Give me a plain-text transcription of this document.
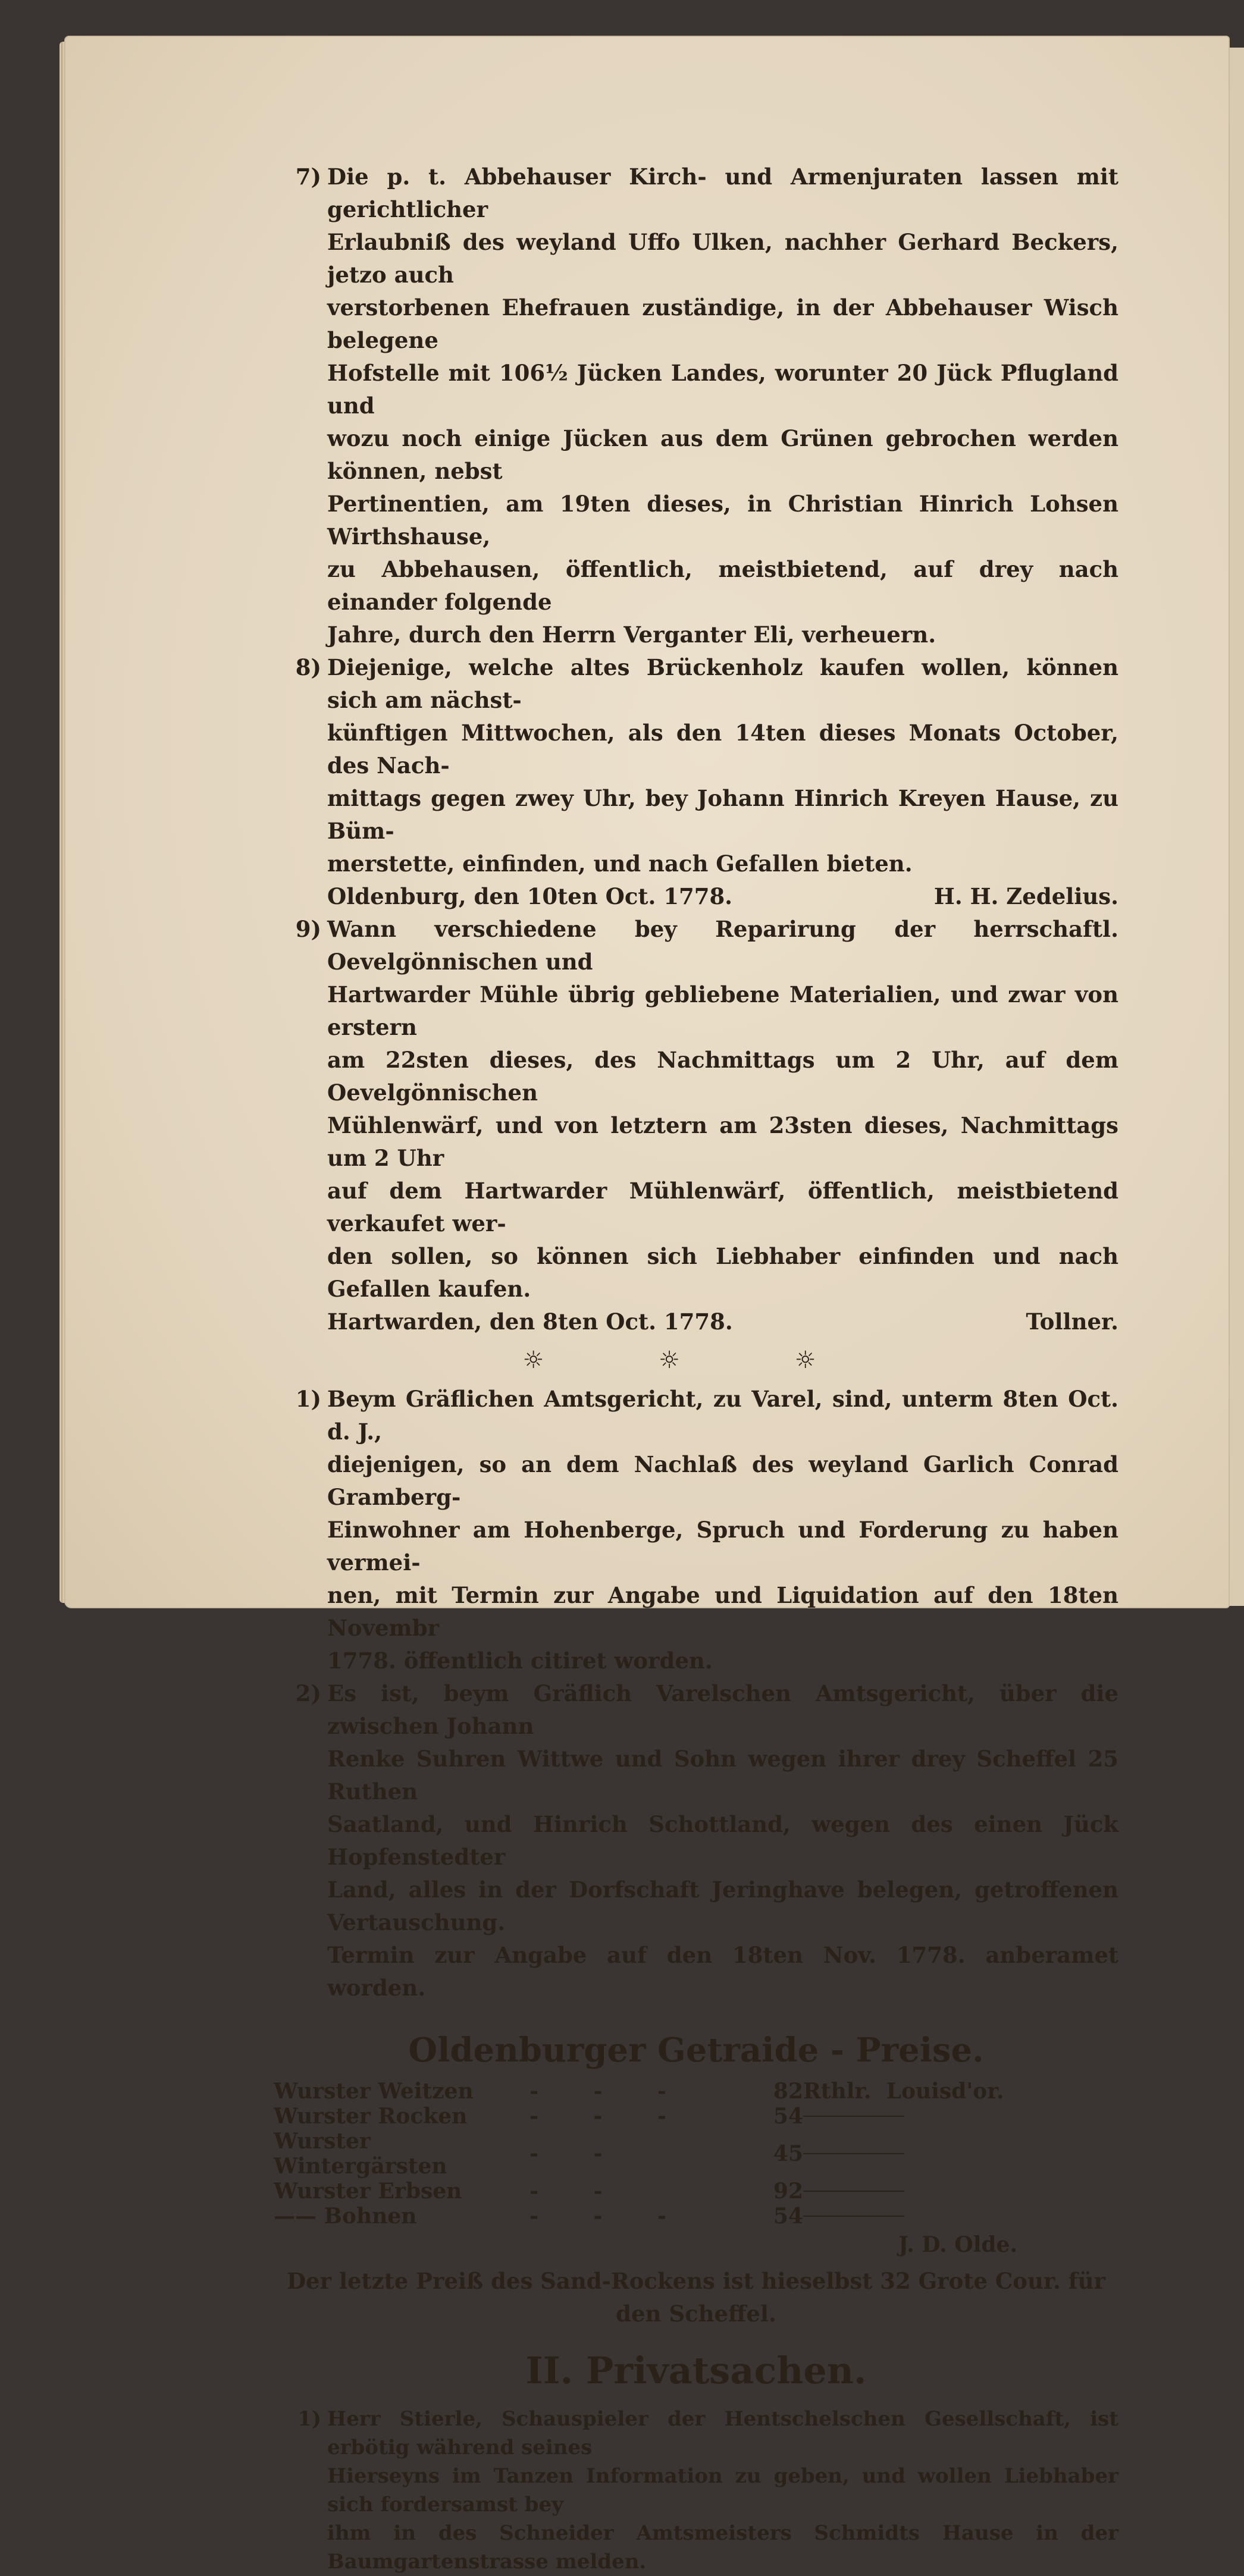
7) Die p. t. Abbehauser Kirch- und Armenjuraten lassen mit gerichtlicher
Erlaubniß des weyland Uffo Ulken, nachher Gerhard Beckers, jetzo auch
verstorbenen Ehefrauen zuständige, in der Abbehauser Wisch belegene
Hofstelle mit 106½ Jücken Landes, worunter 20 Jück Pflugland und
wozu noch einige Jücken aus dem Grünen gebrochen werden können, nebst
Pertinentien, am 19ten dieses, in Christian Hinrich Lohsen Wirthshause,
zu Abbehausen, öffentlich, meistbietend, auf drey nach einander folgende
Jahre, durch den Herrn Verganter Eli, verheuern.
8) Diejenige, welche altes Brückenholz kaufen wollen, können sich am nächst-
künftigen Mittwochen, als den 14ten dieses Monats October, des Nach-
mittags gegen zwey Uhr, bey Johann Hinrich Kreyen Hause, zu Büm-
merstette, einfinden, und nach Gefallen bieten.
Oldenburg, den 10ten Oct. 1778.	H. H. Zedelius.
9) Wann verschiedene bey Reparirung der herrschaftl. Oevelgönnischen und
Hartwarder Mühle übrig gebliebene Materialien, und zwar von erstern
am 22sten dieses, des Nachmittags um 2 Uhr, auf dem Oevelgönnischen
Mühlenwärf, und von letztern am 23sten dieses, Nachmittags um 2 Uhr
auf dem Hartwarder Mühlenwärf, öffentlich, meistbietend verkaufet wer-
den sollen, so können sich Liebhaber einfinden und nach Gefallen kaufen.
Hartwarden, den 8ten Oct. 1778.	Tollner.
☼ ☼ ☼
1) Beym Gräflichen Amtsgericht, zu Varel, sind, unterm 8ten Oct. d. J.,
diejenigen, so an dem Nachlaß des weyland Garlich Conrad Gramberg-
Einwohner am Hohenberge, Spruch und Forderung zu haben vermei-
nen, mit Termin zur Angabe und Liquidation auf den 18ten Novembr
1778. öffentlich citiret worden.
2) Es ist, beym Gräflich Varelschen Amtsgericht, über die zwischen Johann
Renke Suhren Wittwe und Sohn wegen ihrer drey Scheffel 25 Ruthen
Saatland, und Hinrich Schottland, wegen des einen Jück Hopfenstedter
Land, alles in der Dorfschaft Jeringhave belegen, getroffenen Vertauschung.
Termin zur Angabe auf den 18ten Nov. 1778. anberamet worden.
Oldenburger Getraide - Preise.
Wurster Weitzen	- - -	82	Rthlr. Louisd'or.
Wurster Rocken	- - -	54	

Wurster Wintergärsten	- -	45	

Wurster Erbsen	- -	92	

—— Bohnen	- - -	54	
J. D. Olde.
Der letzte Preiß des Sand-Rockens ist hieselbst 32 Grote Cour. für den Scheffel.
II. Privatsachen.
1) Herr Stierle, Schauspieler der Hentschelschen Gesellschaft, ist erbötig während seines
Hierseyns im Tanzen Information zu geben, und wollen Liebhaber sich fordersamst bey
ihm in des Schneider Amtsmeisters Schmidts Hause in der Baumgartenstrasse melden.
